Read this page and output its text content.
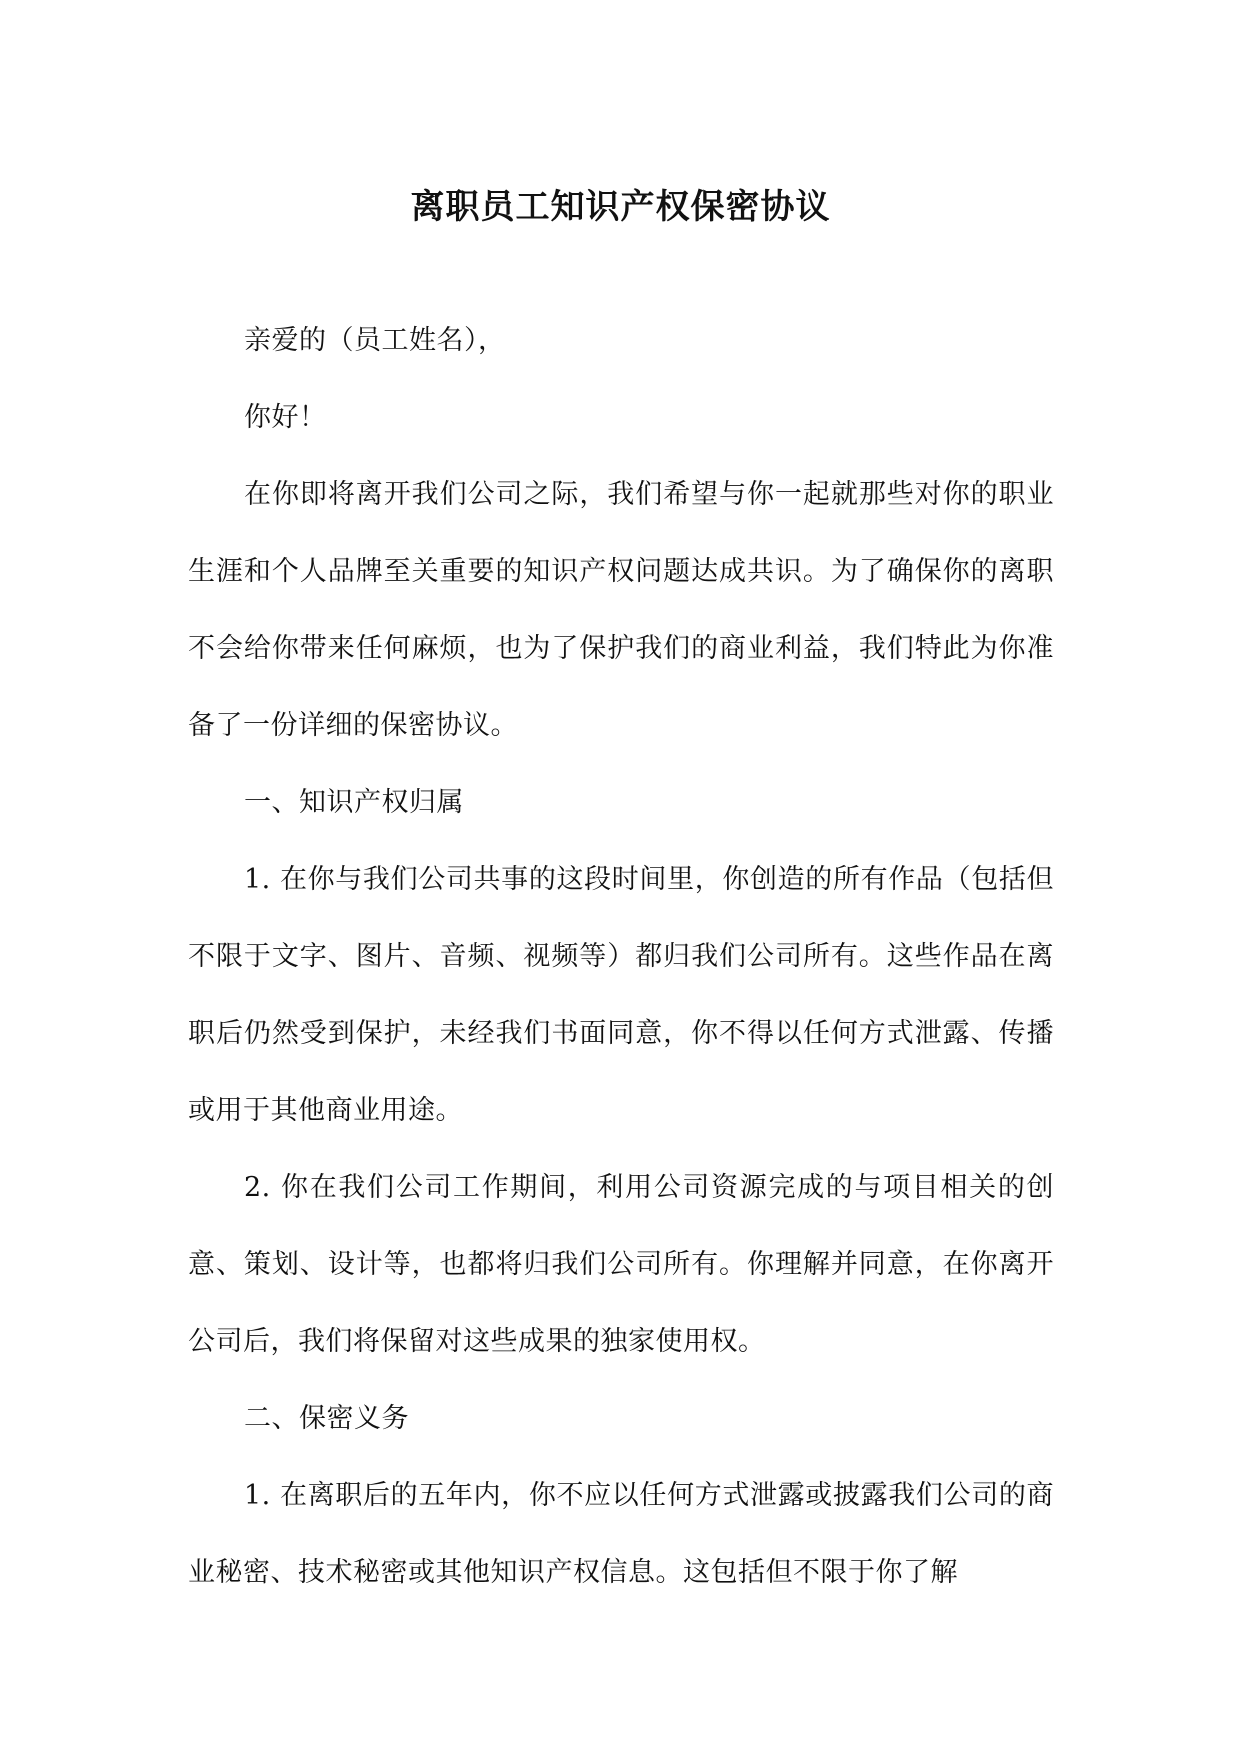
离职员工知识产权保密协议

亲爱的（员工姓名），

你好！

在你即将离开我们公司之际，我们希望与你一起就那些对你的职业生涯和个人品牌至关重要的知识产权问题达成共识。为了确保你的离职不会给你带来任何麻烦，也为了保护我们的商业利益，我们特此为你准备了一份详细的保密协议。

一、知识产权归属

1. 在你与我们公司共事的这段时间里，你创造的所有作品（包括但不限于文字、图片、音频、视频等）都归我们公司所有。这些作品在离职后仍然受到保护，未经我们书面同意，你不得以任何方式泄露、传播或用于其他商业用途。

2. 你在我们公司工作期间，利用公司资源完成的与项目相关的创意、策划、设计等，也都将归我们公司所有。你理解并同意，在你离开公司后，我们将保留对这些成果的独家使用权。

二、保密义务

1. 在离职后的五年内，你不应以任何方式泄露或披露我们公司的商业秘密、技术秘密或其他知识产权信息。这包括但不限于你了解
